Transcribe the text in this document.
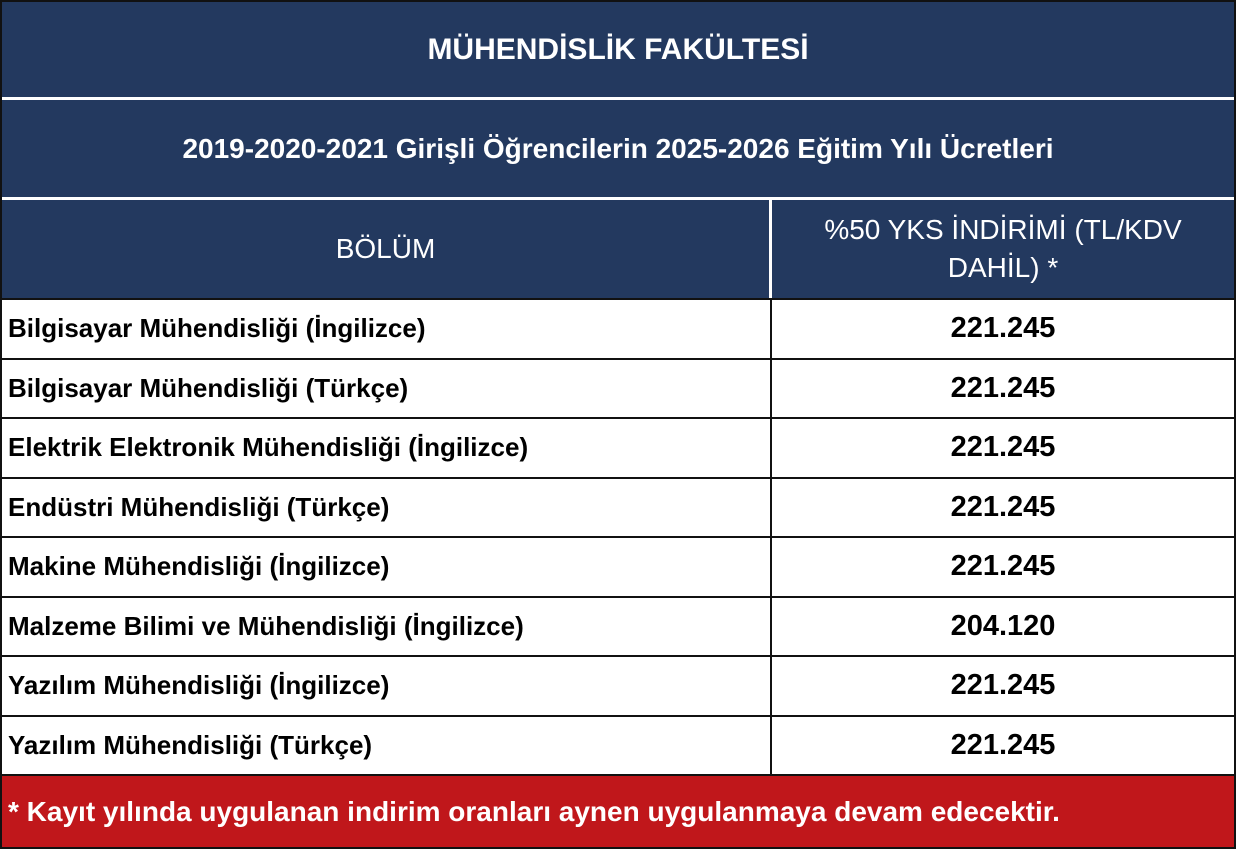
MÜHENDİSLİK FAKÜLTESİ
2019-2020-2021 Girişli Öğrencilerin 2025-2026 Eğitim Yılı Ücretleri
BÖLÜM
%50 YKS İNDİRİMİ (TL/KDV DAHİL) *
Bilgisayar Mühendisliği (İngilizce)	221.245
Bilgisayar Mühendisliği (Türkçe)	221.245
Elektrik Elektronik Mühendisliği (İngilizce)	221.245
Endüstri Mühendisliği (Türkçe)	221.245
Makine Mühendisliği (İngilizce)	221.245
Malzeme Bilimi ve Mühendisliği (İngilizce)	204.120
Yazılım Mühendisliği (İngilizce)	221.245
Yazılım Mühendisliği (Türkçe)	221.245
* Kayıt yılında uygulanan indirim oranları aynen uygulanmaya devam edecektir.
